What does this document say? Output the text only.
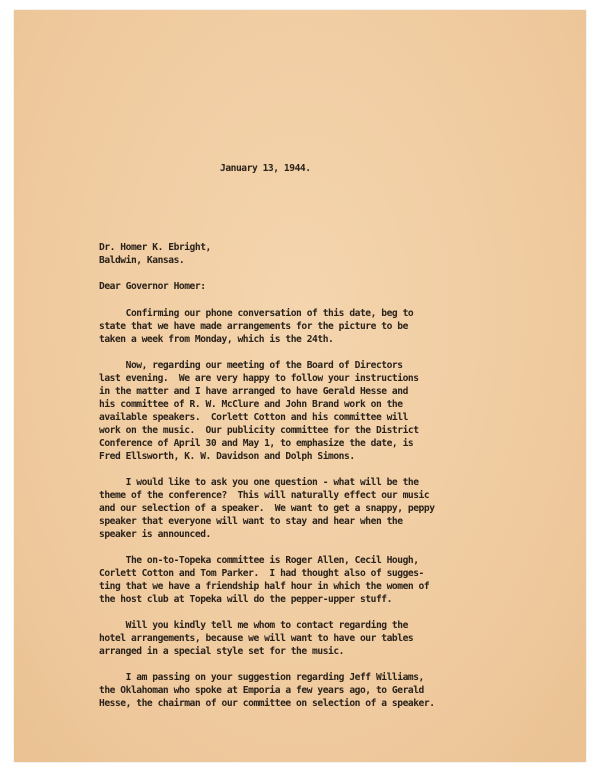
January 13, 1944.
Dr. Homer K. Ebright,
Baldwin, Kansas.
Dear Governor Homer:
Confirming our phone conversation of this date, beg to
state that we have made arrangements for the picture to be
taken a week from Monday, which is the 24th.
Now, regarding our meeting of the Board of Directors
last evening.  We are very happy to follow your instructions
in the matter and I have arranged to have Gerald Hesse and
his committee of R. W. McClure and John Brand work on the
available speakers.  Corlett Cotton and his committee will
work on the music.  Our publicity committee for the District
Conference of April 30 and May 1, to emphasize the date, is
Fred Ellsworth, K. W. Davidson and Dolph Simons.
I would like to ask you one question - what will be the
theme of the conference?  This will naturally effect our music
and our selection of a speaker.  We want to get a snappy, peppy
speaker that everyone will want to stay and hear when the
speaker is announced.
The on-to-Topeka committee is Roger Allen, Cecil Hough,
Corlett Cotton and Tom Parker.  I had thought also of sugges-
ting that we have a friendship half hour in which the women of
the host club at Topeka will do the pepper-upper stuff.
Will you kindly tell me whom to contact regarding the
hotel arrangements, because we will want to have our tables
arranged in a special style set for the music.
I am passing on your suggestion regarding Jeff Williams,
the Oklahoman who spoke at Emporia a few years ago, to Gerald
Hesse, the chairman of our committee on selection of a speaker.
